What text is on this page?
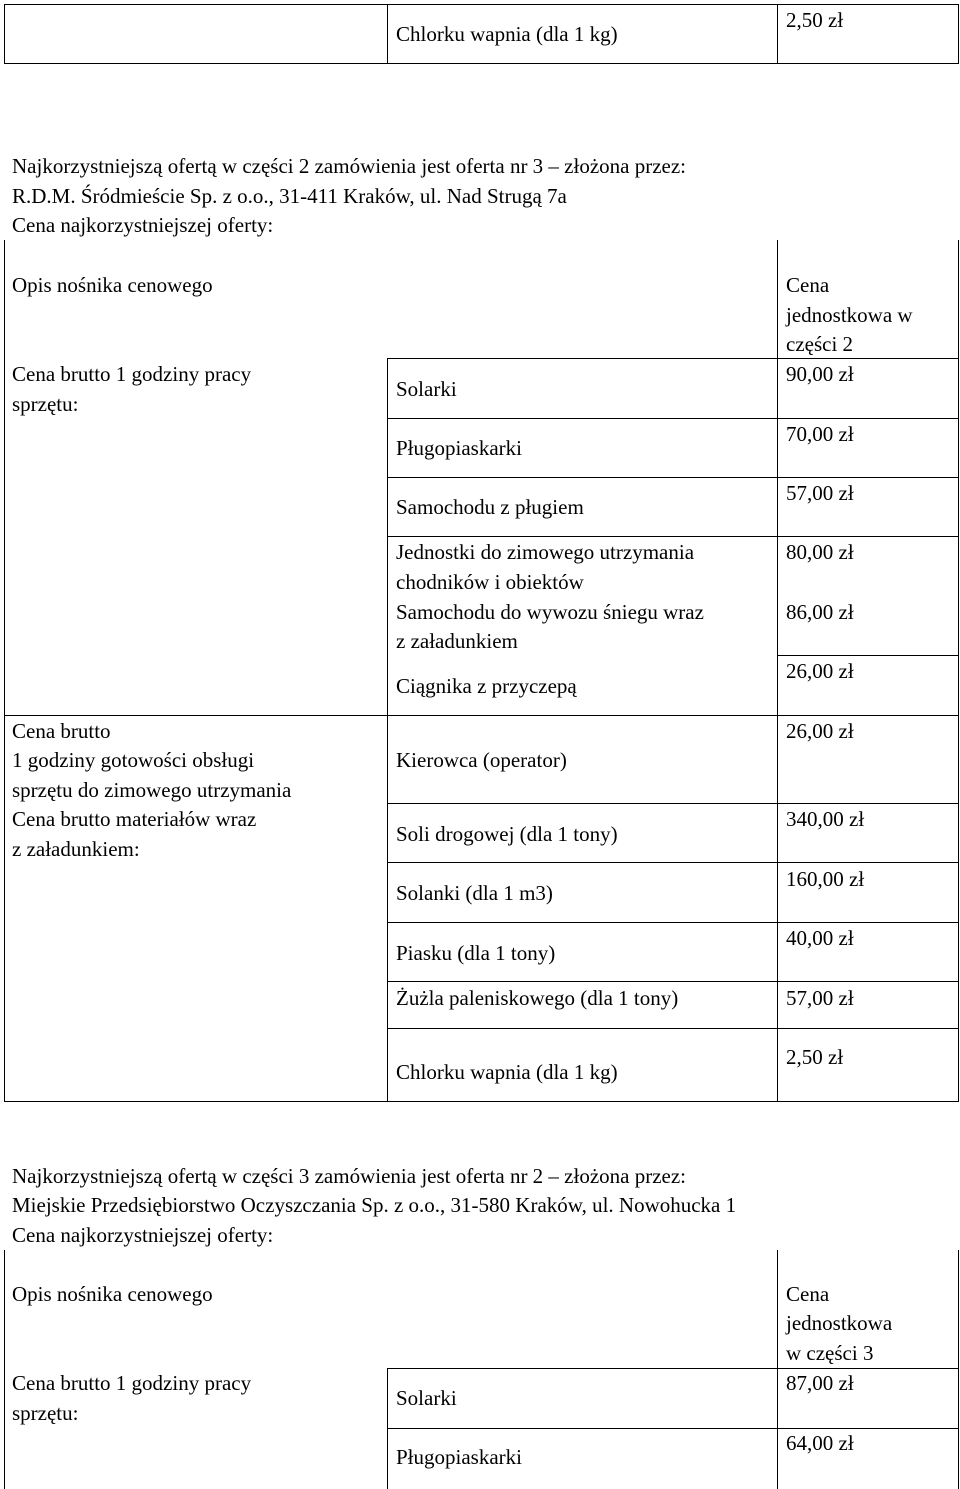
Chlorku wapnia (dla 1 kg)
2,50 zł
Najkorzystniejszą ofertą w części 2 zamówienia jest oferta nr 3 – złożona przez:
R.D.M. Śródmieście Sp. z o.o., 31-411 Kraków, ul. Nad Strugą 7a
Cena najkorzystniejszej oferty:
Opis nośnika cenowego	Cena
jednostkowa w
części 2
Cena brutto 1 godziny pracy
sprzętu:
Cena brutto
1 godziny gotowości obsługi
sprzętu do zimowego utrzymania
Cena brutto materiałów wraz
z załadunkiem:
Solarki
Pługopiaskarki
Samochodu z pługiem
Jednostki do zimowego utrzymania
chodników i obiektów
Samochodu do wywozu śniegu wraz
z załadunkiem
Ciągnika z przyczepą
Kierowca (operator)
Soli drogowej (dla 1 tony)
Solanki (dla 1 m3)
Piasku (dla 1 tony)
Żużla paleniskowego (dla 1 tony)
Chlorku wapnia (dla 1 kg)
90,00 zł
70,00 zł
57,00 zł
80,00 zł
86,00 zł
26,00 zł
26,00 zł
340,00 zł
160,00 zł
40,00 zł
57,00 zł
2,50 zł
Najkorzystniejszą ofertą w części 3 zamówienia jest oferta nr 2 – złożona przez:
Miejskie Przedsiębiorstwo Oczyszczania Sp. z o.o., 31-580 Kraków, ul. Nowohucka 1
Cena najkorzystniejszej oferty:
Opis nośnika cenowego	Cena
jednostkowa
w części 3
Cena brutto 1 godziny pracy
sprzętu:
Solarki
Pługopiaskarki
87,00 zł
64,00 zł
